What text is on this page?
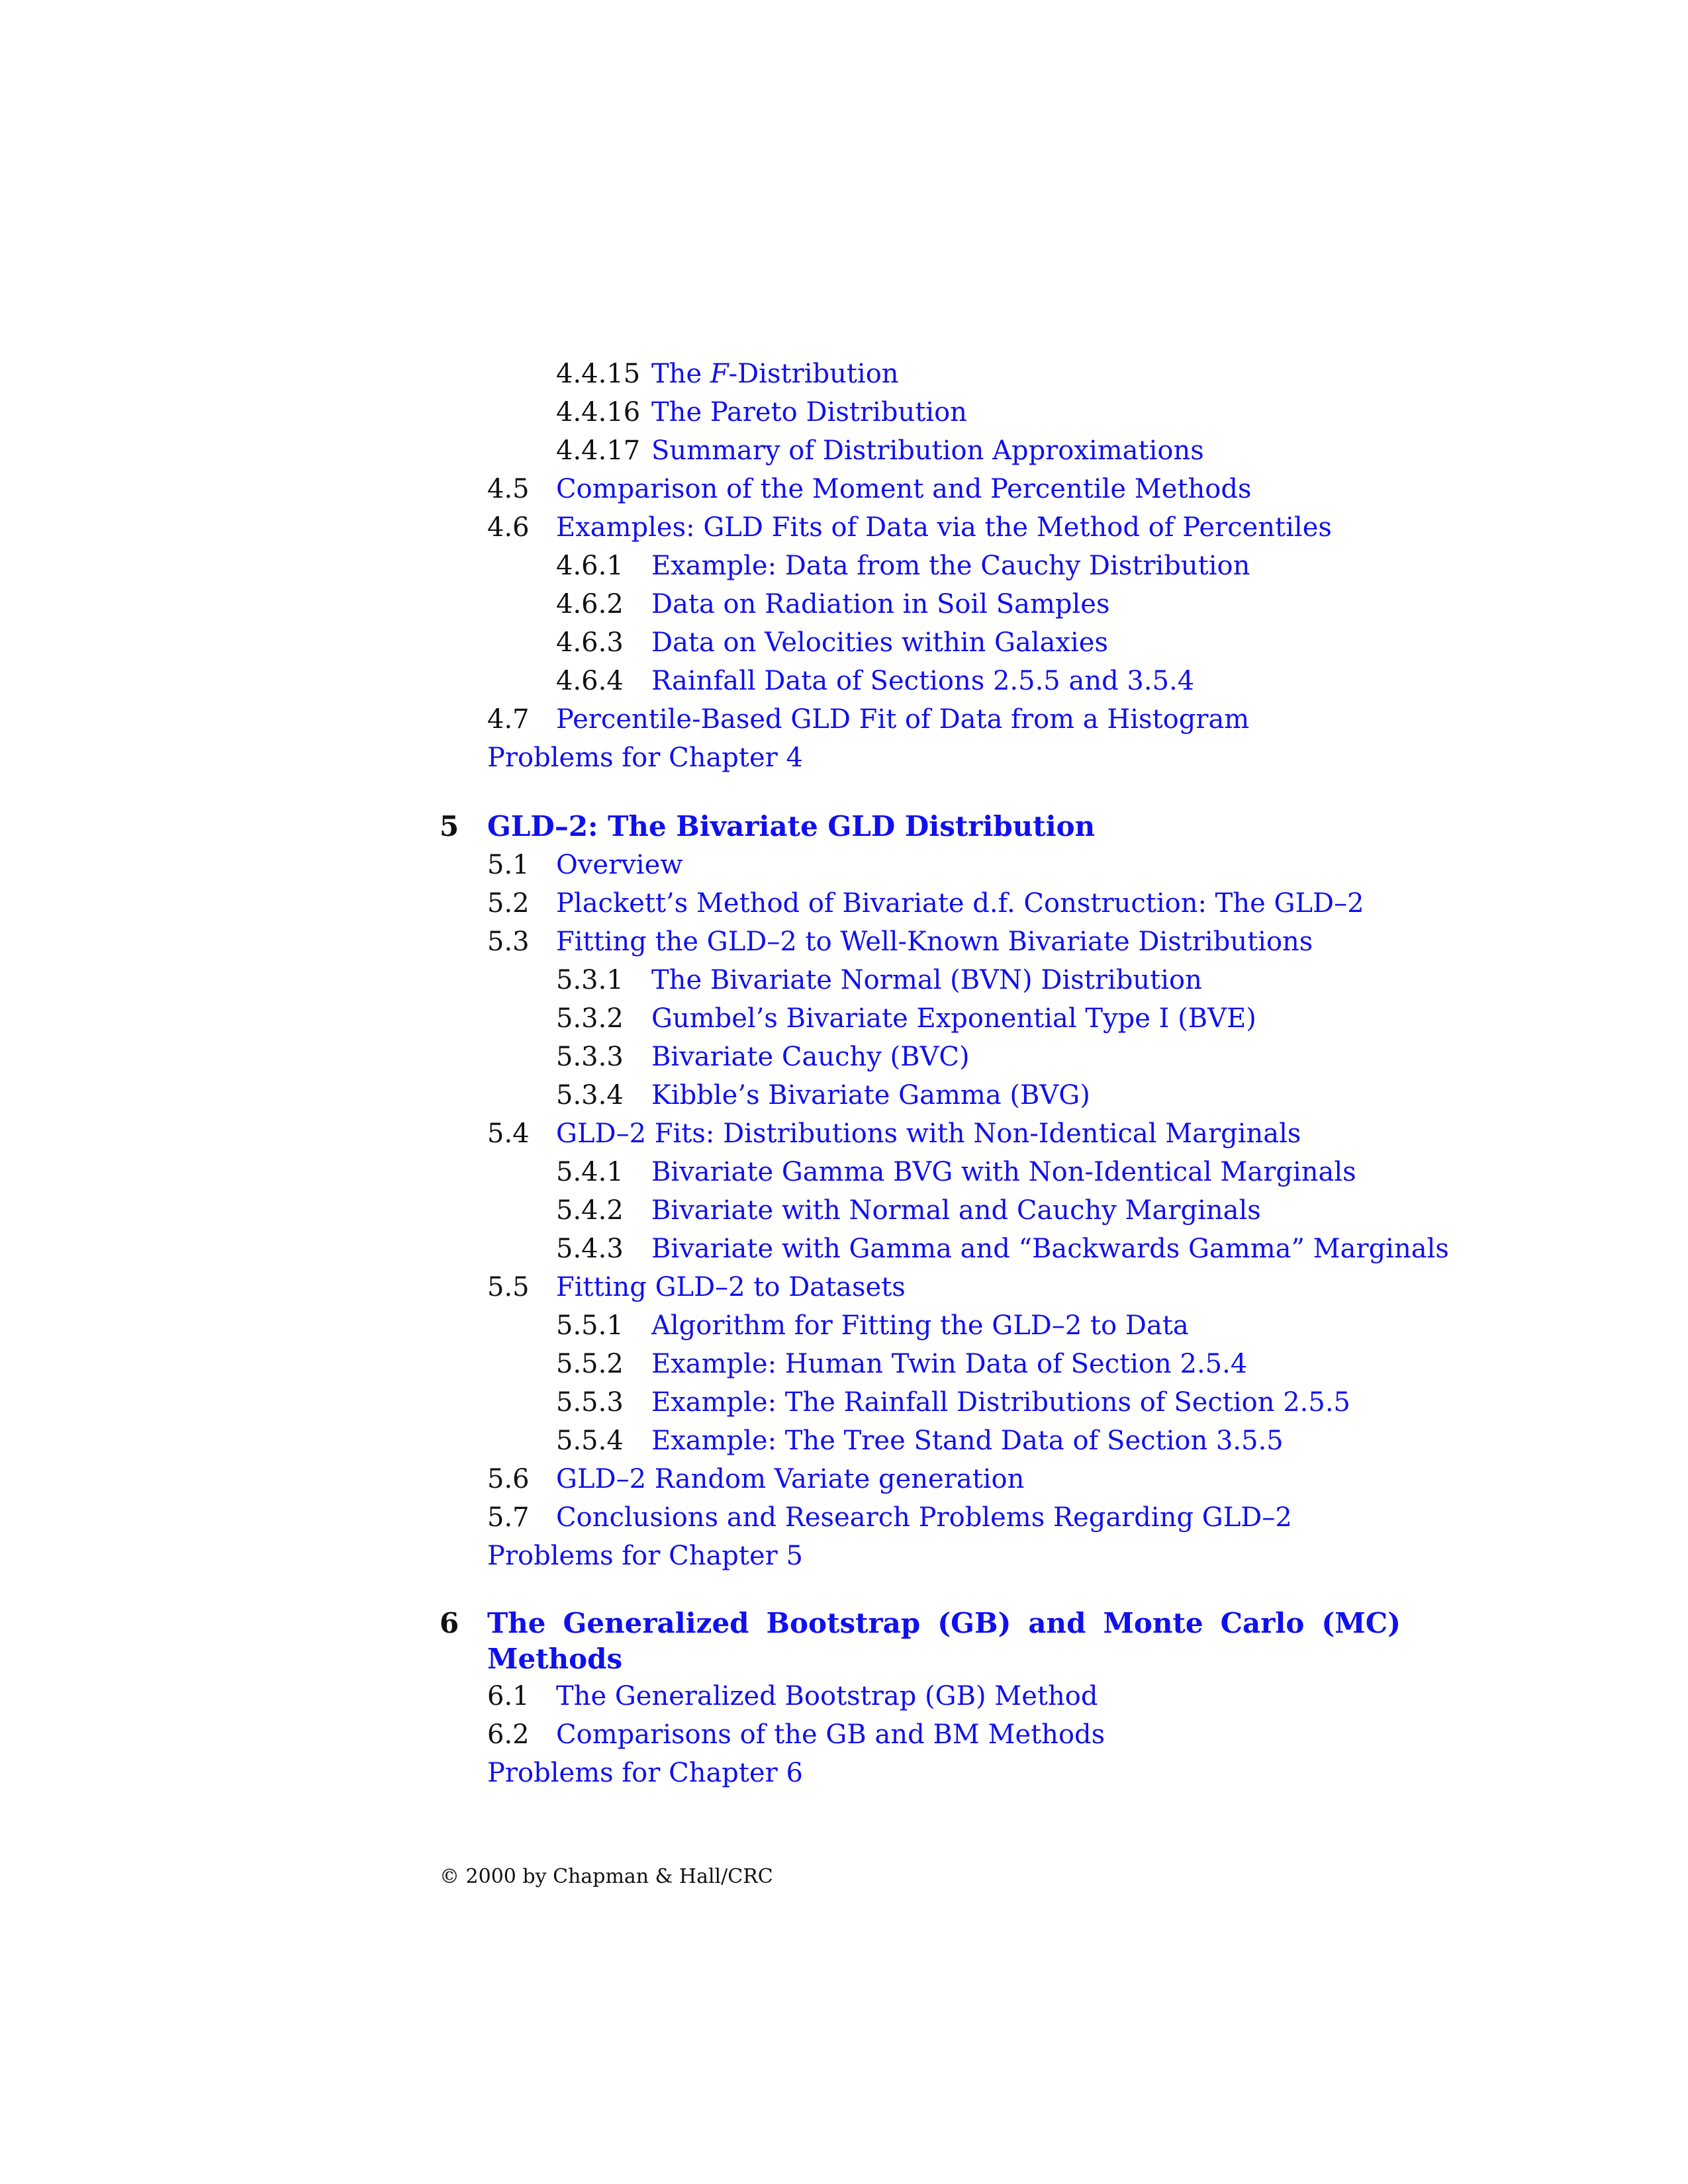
4.4.15 The F-Distribution
4.4.16 The Pareto Distribution
4.4.17 Summary of Distribution Approximations
4.5 Comparison of the Moment and Percentile Methods
4.6 Examples: GLD Fits of Data via the Method of Percentiles
4.6.1 Example: Data from the Cauchy Distribution
4.6.2 Data on Radiation in Soil Samples
4.6.3 Data on Velocities within Galaxies
4.6.4 Rainfall Data of Sections 2.5.5 and 3.5.4
4.7 Percentile-Based GLD Fit of Data from a Histogram
Problems for Chapter 4
5 GLD–2: The Bivariate GLD Distribution
5.1 Overview
5.2 Plackett’s Method of Bivariate d.f. Construction: The GLD–2
5.3 Fitting the GLD–2 to Well-Known Bivariate Distributions
5.3.1 The Bivariate Normal (BVN) Distribution
5.3.2 Gumbel’s Bivariate Exponential Type I (BVE)
5.3.3 Bivariate Cauchy (BVC)
5.3.4 Kibble’s Bivariate Gamma (BVG)
5.4 GLD–2 Fits: Distributions with Non-Identical Marginals
5.4.1 Bivariate Gamma BVG with Non-Identical Marginals
5.4.2 Bivariate with Normal and Cauchy Marginals
5.4.3 Bivariate with Gamma and “Backwards Gamma” Marginals
5.5 Fitting GLD–2 to Datasets
5.5.1 Algorithm for Fitting the GLD–2 to Data
5.5.2 Example: Human Twin Data of Section 2.5.4
5.5.3 Example: The Rainfall Distributions of Section 2.5.5
5.5.4 Example: The Tree Stand Data of Section 3.5.5
5.6 GLD–2 Random Variate generation
5.7 Conclusions and Research Problems Regarding GLD–2
Problems for Chapter 5
6 The Generalized Bootstrap (GB) and Monte Carlo (MC) Methods
6.1 The Generalized Bootstrap (GB) Method
6.2 Comparisons of the GB and BM Methods
Problems for Chapter 6
© 2000 by Chapman & Hall/CRC
